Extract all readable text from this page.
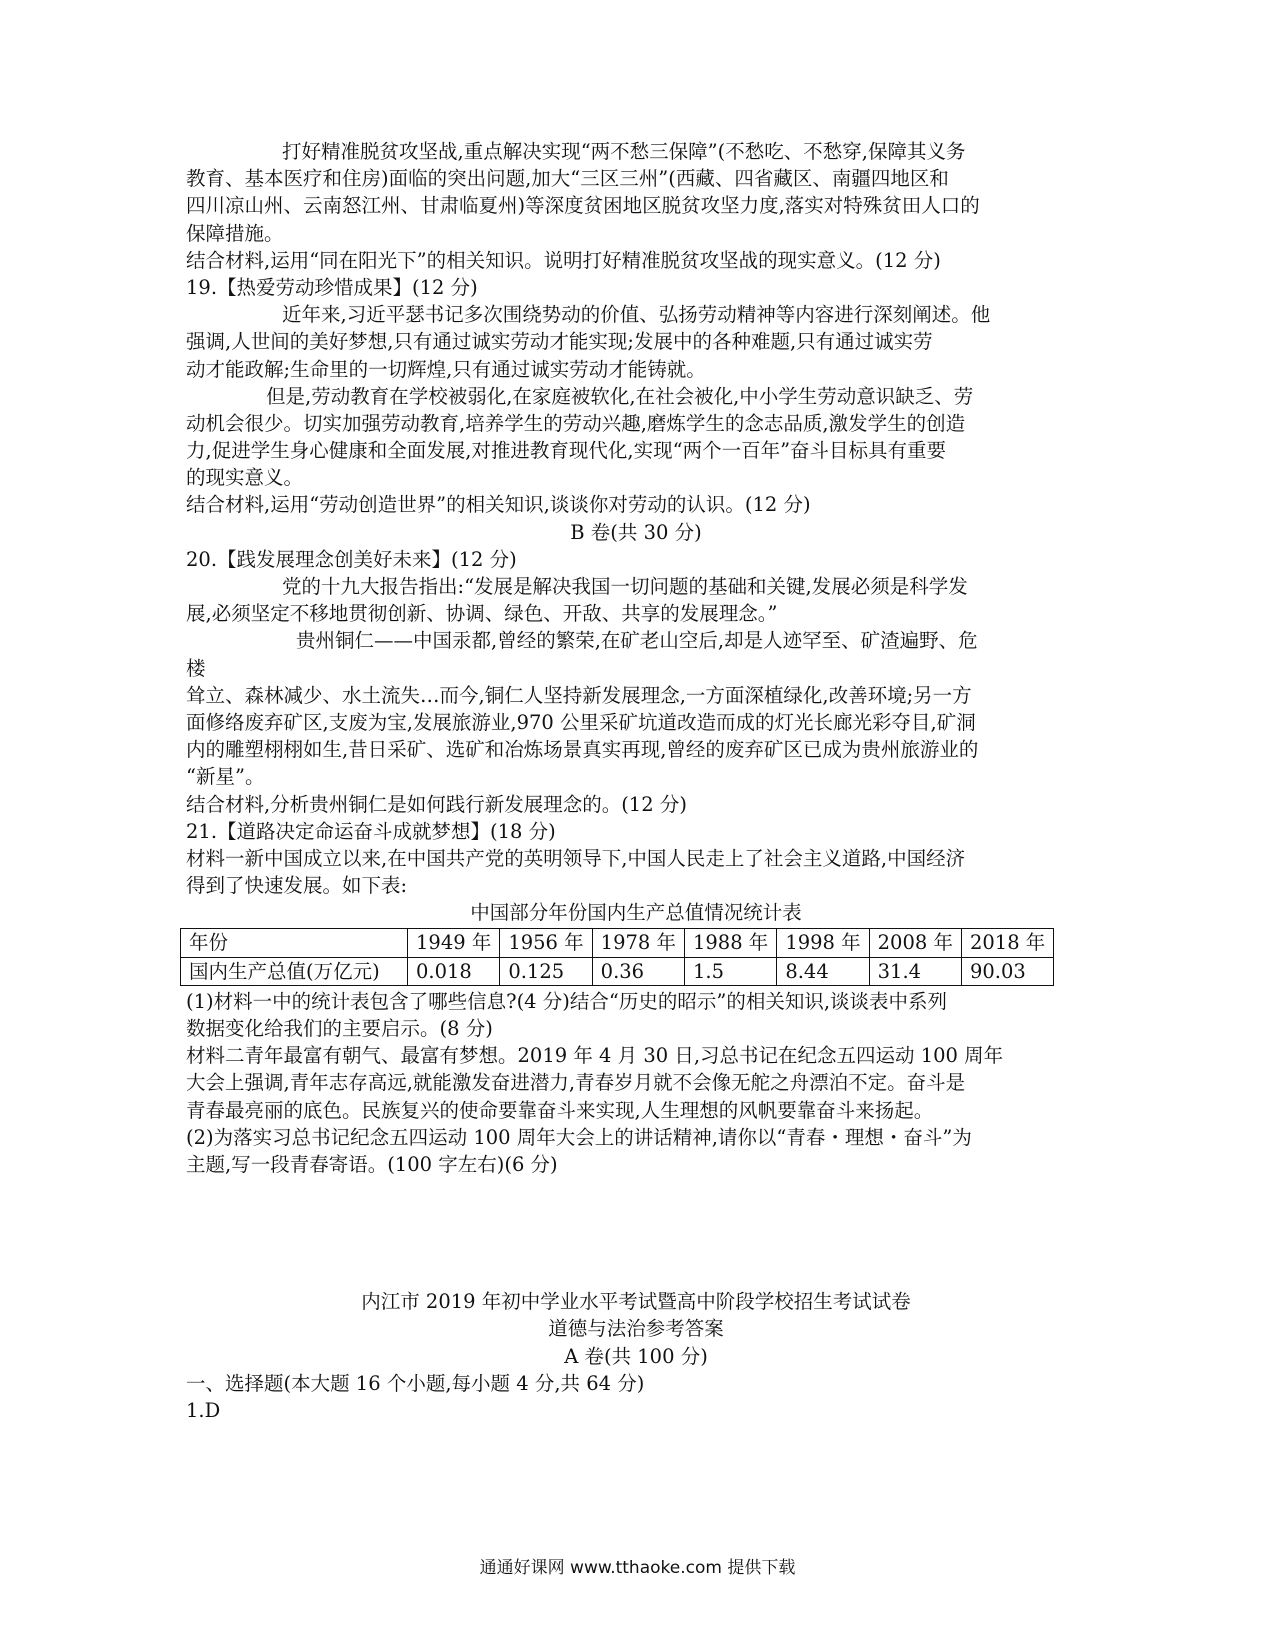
打好精准脱贫攻坚战,重点解决实现“两不愁三保障”(不愁吃、不愁穿,保障其义务
教育、基本医疗和住房)面临的突出问题,加大“三区三州”(西藏、四省藏区、南疆四地区和
四川凉山州、云南怒江州、甘肃临夏州)等深度贫困地区脱贫攻坚力度,落实对特殊贫田人口的
保障措施。
结合材料,运用“同在阳光下”的相关知识。说明打好精准脱贫攻坚战的现实意义。(12 分)
19.【热爱劳动珍惜成果】(12 分)
近年来,习近平瑟书记多次围绕势动的价值、弘扬劳动精神等内容进行深刻阐述。他
强调,人世间的美好梦想,只有通过诚实劳动才能实现;发展中的各种难题,只有通过诚实劳
动才能政解;生命里的一切辉煌,只有通过诚实劳动才能铸就。
但是,劳动教育在学校被弱化,在家庭被软化,在社会被化,中小学生劳动意识缺乏、劳
动机会很少。切实加强劳动教育,培养学生的劳动兴趣,磨炼学生的念志品质,激发学生的创造
力,促进学生身心健康和全面发展,对推进教育现代化,实现“两个一百年”奋斗目标具有重要
的现实意义。
结合材料,运用“劳动创造世界”的相关知识,谈谈你对劳动的认识。(12 分)
B 卷(共 30 分)
20.【践发展理念创美好未来】(12 分)
党的十九大报告指出:“发展是解决我国一切问题的基础和关键,发展必须是科学发
展,必须坚定不移地贯彻创新、协调、绿色、开敌、共享的发展理念。”
贵州铜仁——中国汞都,曾经的繁荣,在矿老山空后,却是人迹罕至、矿渣遍野、危
楼
耸立、森林减少、水土流失…而今,铜仁人坚持新发展理念,一方面深植绿化,改善环境;另一方
面修络废弃矿区,支废为宝,发展旅游业,970 公里采矿坑道改造而成的灯光长廊光彩夺目,矿洞
内的雕塑栩栩如生,昔日采矿、选矿和冶炼场景真实再现,曾经的废弃矿区已成为贵州旅游业的
“新星”。
结合材料,分析贵州铜仁是如何践行新发展理念的。(12 分)
21.【道路决定命运奋斗成就梦想】(18 分)
材料一新中国成立以来,在中国共产党的英明领导下,中国人民走上了社会主义道路,中国经济
得到了快速发展。如下表:
中国部分年份国内生产总值情况统计表
年份	1949 年	1956 年	1978 年	1988 年	1998 年	2008 年	2018 年
国内生产总值(万亿元)	0.018	0.125	0.36	1.5	8.44	31.4	90.03
(1)材料一中的统计表包含了哪些信息?(4 分)结合“历史的昭示”的相关知识,谈谈表中系列
数据变化给我们的主要启示。(8 分)
材料二青年最富有朝气、最富有梦想。2019 年 4 月 30 日,习总书记在纪念五四运动 100 周年
大会上强调,青年志存高远,就能激发奋进潜力,青春岁月就不会像无舵之舟漂泊不定。奋斗是
青春最亮丽的底色。民族复兴的使命要靠奋斗来实现,人生理想的风帆要靠奋斗来扬起。
(2)为落实习总书记纪念五四运动 100 周年大会上的讲话精神,请你以“青春・理想・奋斗”为
主题,写一段青春寄语。(100 字左右)(6 分)
内江市 2019 年初中学业水平考试暨高中阶段学校招生考试试卷
道德与法治参考答案
A 卷(共 100 分)
一、选择题(本大题 16 个小题,每小题 4 分,共 64 分)
1.D
通通好课网 www.tthaoke.com 提供下载
